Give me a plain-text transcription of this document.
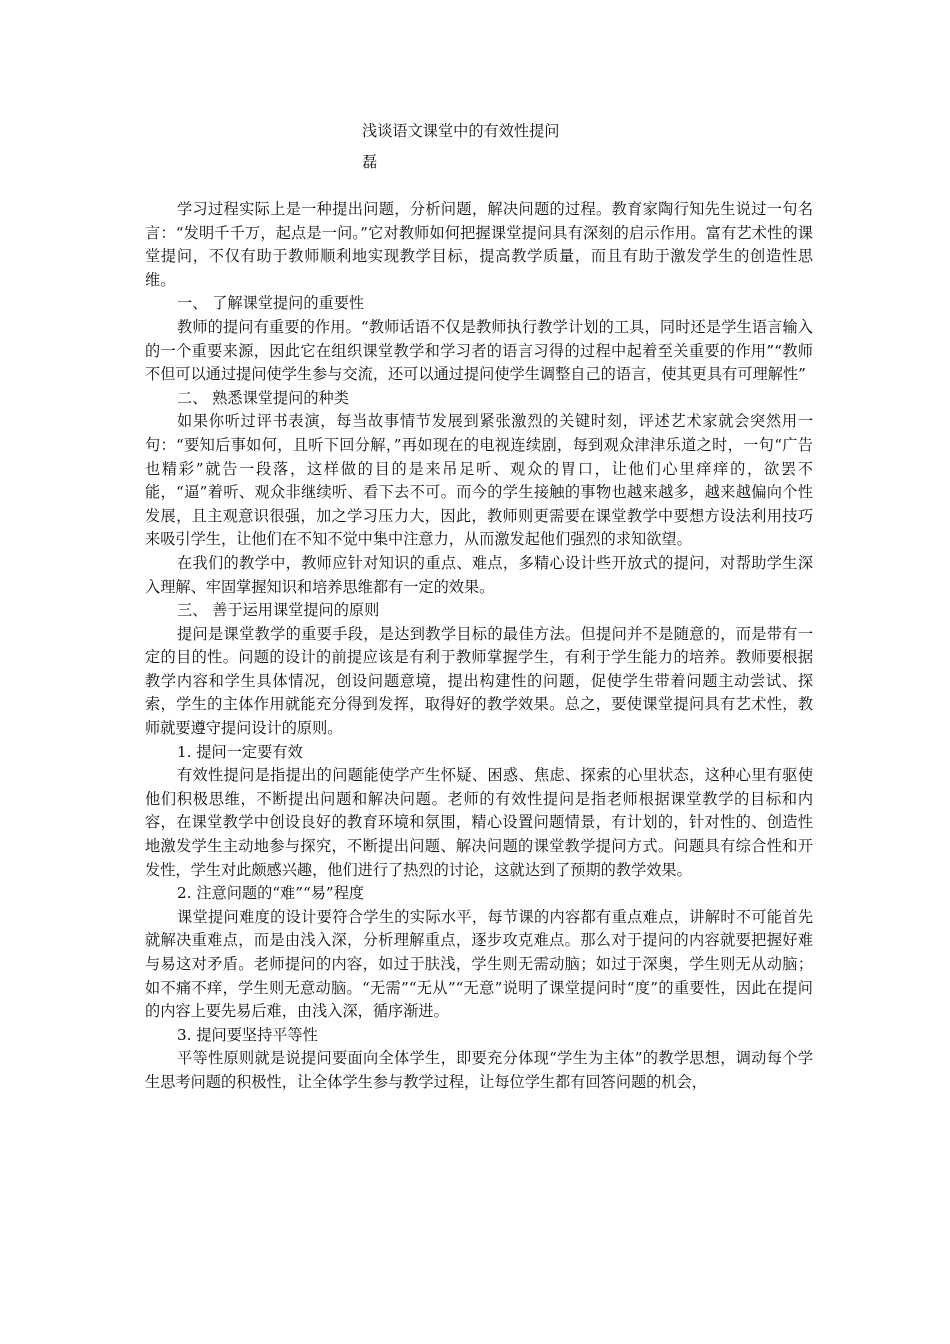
浅谈语文课堂中的有效性提问
磊

学习过程实际上是一种提出问题，分析问题，解决问题的过程。教育家陶行知先生说过一句名言：“发明千千万，起点是一问。”它对教师如何把握课堂提问具有深刻的启示作用。富有艺术性的课堂提问，不仅有助于教师顺利地实现教学目标，提高教学质量，而且有助于激发学生的创造性思维。

一、 了解课堂提问的重要性

教师的提问有重要的作用。“教师话语不仅是教师执行教学计划的工具，同时还是学生语言输入的一个重要来源，因此它在组织课堂教学和学习者的语言习得的过程中起着至关重要的作用”“教师不但可以通过提问使学生参与交流，还可以通过提问使学生调整自己的语言，使其更具有可理解性”

二、 熟悉课堂提问的种类

如果你听过评书表演，每当故事情节发展到紧张激烈的关键时刻，评述艺术家就会突然用一句：“要知后事如何，且听下回分解，”再如现在的电视连续剧，每到观众津津乐道之时，一句“广告也精彩”就告一段落，这样做的目的是来吊足听、观众的胃口，让他们心里痒痒的，欲罢不能，“逼”着听、观众非继续听、看下去不可。而今的学生接触的事物也越来越多，越来越偏向个性发展，且主观意识很强，加之学习压力大，因此，教师则更需要在课堂教学中要想方设法利用技巧来吸引学生，让他们在不知不觉中集中注意力，从而激发起他们强烈的求知欲望。

在我们的教学中，教师应针对知识的重点、难点，多精心设计些开放式的提问，对帮助学生深入理解、牢固掌握知识和培养思维都有一定的效果。

三、 善于运用课堂提问的原则

提问是课堂教学的重要手段，是达到教学目标的最佳方法。但提问并不是随意的，而是带有一定的目的性。问题的设计的前提应该是有利于教师掌握学生，有利于学生能力的培养。教师要根据教学内容和学生具体情况，创设问题意境，提出构建性的问题，促使学生带着问题主动尝试、探索，学生的主体作用就能充分得到发挥，取得好的教学效果。总之，要使课堂提问具有艺术性，教师就要遵守提问设计的原则。

1. 提问一定要有效

有效性提问是指提出的问题能使学产生怀疑、困惑、焦虑、探索的心里状态，这种心里有驱使他们积极思维，不断提出问题和解决问题。老师的有效性提问是指老师根据课堂教学的目标和内容，在课堂教学中创设良好的教育环境和氛围，精心设置问题情景，有计划的，针对性的、创造性地激发学生主动地参与探究，不断提出问题、解决问题的课堂教学提问方式。问题具有综合性和开发性，学生对此颇感兴趣，他们进行了热烈的讨论，这就达到了预期的教学效果。

2. 注意问题的“难”“易”程度

课堂提问难度的设计要符合学生的实际水平，每节课的内容都有重点难点，讲解时不可能首先就解决重难点，而是由浅入深，分析理解重点，逐步攻克难点。那么对于提问的内容就要把握好难与易这对矛盾。老师提问的内容，如过于肤浅，学生则无需动脑；如过于深奥，学生则无从动脑；如不痛不痒，学生则无意动脑。“无需”“无从”“无意”说明了课堂提问时“度”的重要性，因此在提问的内容上要先易后难，由浅入深，循序渐进。

3. 提问要坚持平等性

平等性原则就是说提问要面向全体学生，即要充分体现“学生为主体”的教学思想，调动每个学生思考问题的积极性，让全体学生参与教学过程，让每位学生都有回答问题的机会，
